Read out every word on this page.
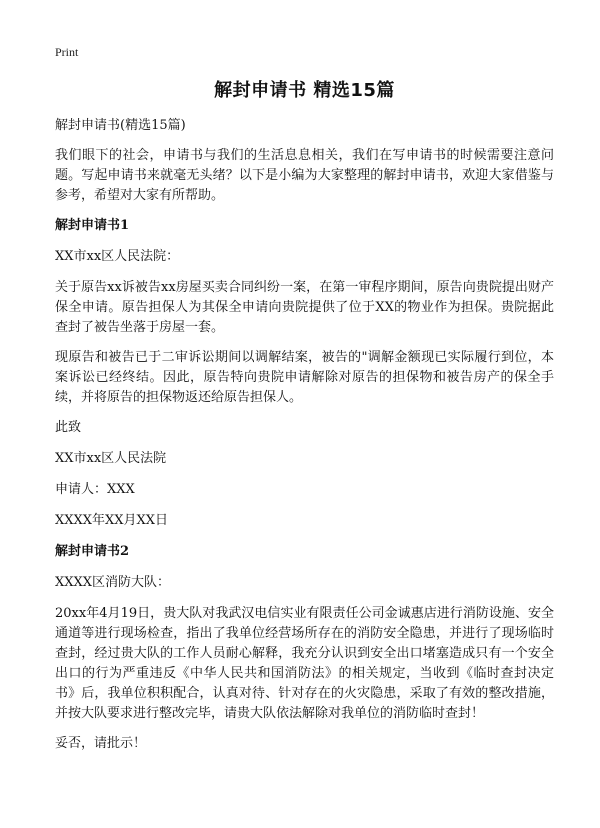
Print
解封申请书 精选15篇
解封申请书(精选15篇)
我们眼下的社会，申请书与我们的生活息息相关，我们在写申请书的时候需要注意问题。写起申请书来就毫无头绪？以下是小编为大家整理的解封申请书，欢迎大家借鉴与参考，希望对大家有所帮助。
解封申请书1
XX市xx区人民法院：
关于原告xx诉被告xx房屋买卖合同纠纷一案，在第一审程序期间，原告向贵院提出财产保全申请。原告担保人为其保全申请向贵院提供了位于XX的物业作为担保。贵院据此查封了被告坐落于房屋一套。
现原告和被告已于二审诉讼期间以调解结案，被告的"调解金额现已实际履行到位，本案诉讼已经终结。因此，原告特向贵院申请解除对原告的担保物和被告房产的保全手续，并将原告的担保物返还给原告担保人。
此致
XX市xx区人民法院
申请人：XXX
XXXX年XX月XX日
解封申请书2
XXXX区消防大队：
20xx年4月19日，贵大队对我武汉电信实业有限责任公司金诚惠店进行消防设施、安全通道等进行现场检查，指出了我单位经营场所存在的消防安全隐患，并进行了现场临时查封，经过贵大队的工作人员耐心解释，我充分认识到安全出口堵塞造成只有一个安全出口的行为严重违反《中华人民共和国消防法》的相关规定，当收到《临时查封决定书》后，我单位积积配合，认真对待、针对存在的火灾隐患，采取了有效的整改措施，并按大队要求进行整改完毕，请贵大队依法解除对我单位的消防临时查封！
妥否，请批示！
